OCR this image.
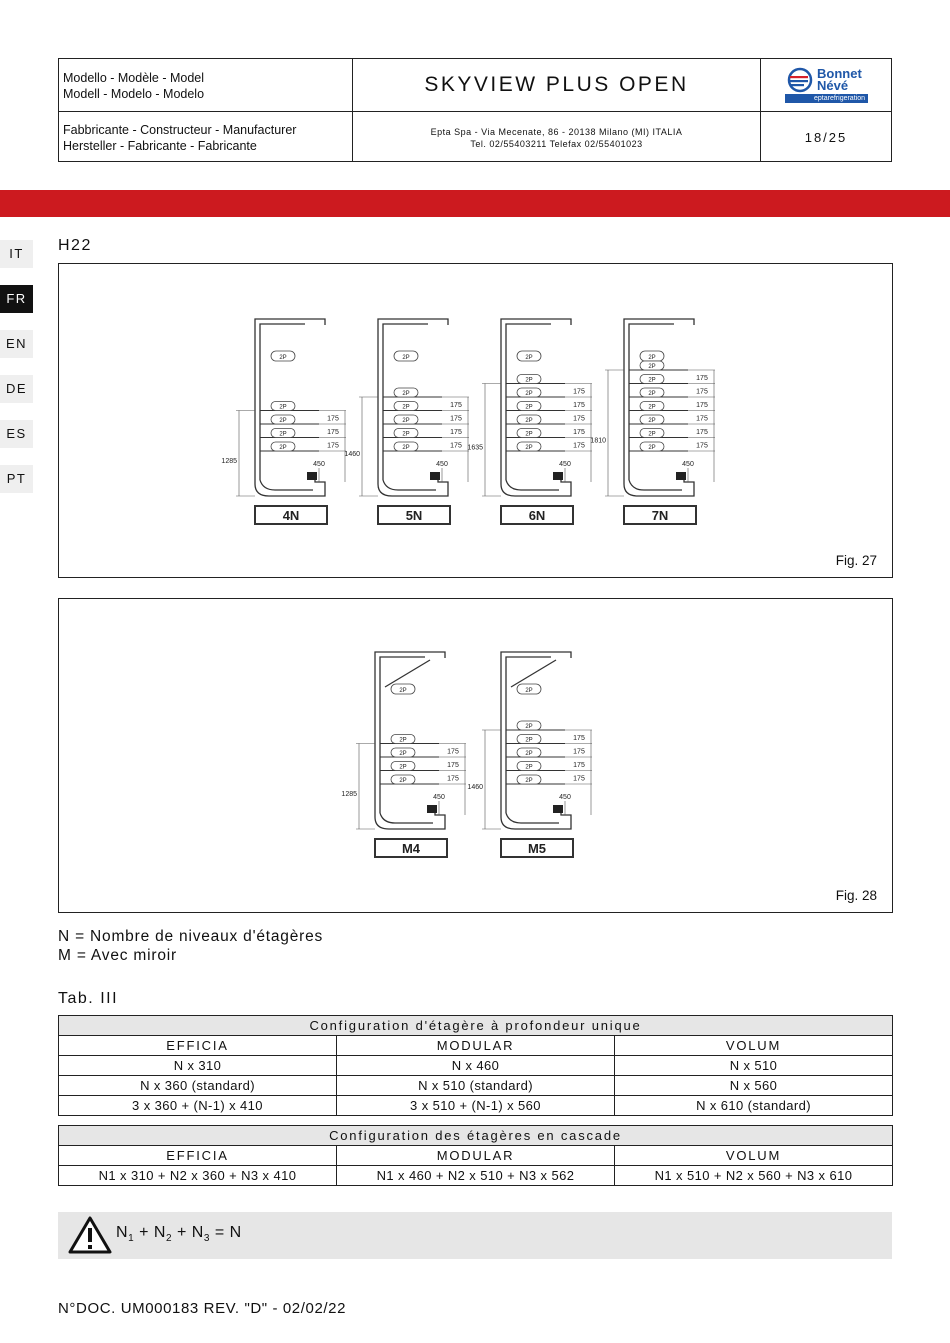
Modello - Modèle - Model
Modell - Modelo - Modelo	SKYVIEW PLUS OPEN	Bonnet
Névé
eptarefrigeration
Fabbricante - Constructeur - Manufacturer
Hersteller - Fabricante - Fabricante
Epta Spa - Via Mecenate, 86 - 20138 Milano (MI) ITALIA
Tel. 02/55403211 Telefax 02/55401023	18/25
IT
FR
EN
DE
ES
PT
H22
2P
2P
2P
2P
2P
175
175
175
450
1285
4N
2P
2P
2P
2P
2P
2P
175
175
175
175
450
1460
5N
2P
2P
2P
2P
2P
2P
2P
175
175
175
175
175
450
1635
6N
2P
2P
2P
2P
2P
2P
2P
2P
175
175
175
175
175
175
450
1810
7N
Fig. 27
2P
2P
2P
2P
2P
175
175
175
450
1285
M4
2P
2P
2P
2P
2P
2P
175
175
175
175
450
1460
M5
Fig. 28
N = Nombre de niveaux d'étagères
M = Avec miroir
Tab. III
Configuration d'étagère à profondeur unique		
EFFICIA	MODULAR	VOLUM
N x 310	N x 460	N x 510
N x 360 (standard)	N x 510 (standard)	N x 560
3 x 360 + (N-1) x 410	3 x 510 + (N-1) x 560	N x 610 (standard)
Configuration des étagères en cascade		
EFFICIA	MODULAR	VOLUM
N1 x 310 + N2 x 360 + N3 x 410	N1 x 460 + N2 x 510 + N3 x 562	N1 x 510 + N2 x 560 + N3 x 610
$N_1 + N_2 + N_3 = N$
N°DOC. UM000183 REV. "D" - 02/02/22
